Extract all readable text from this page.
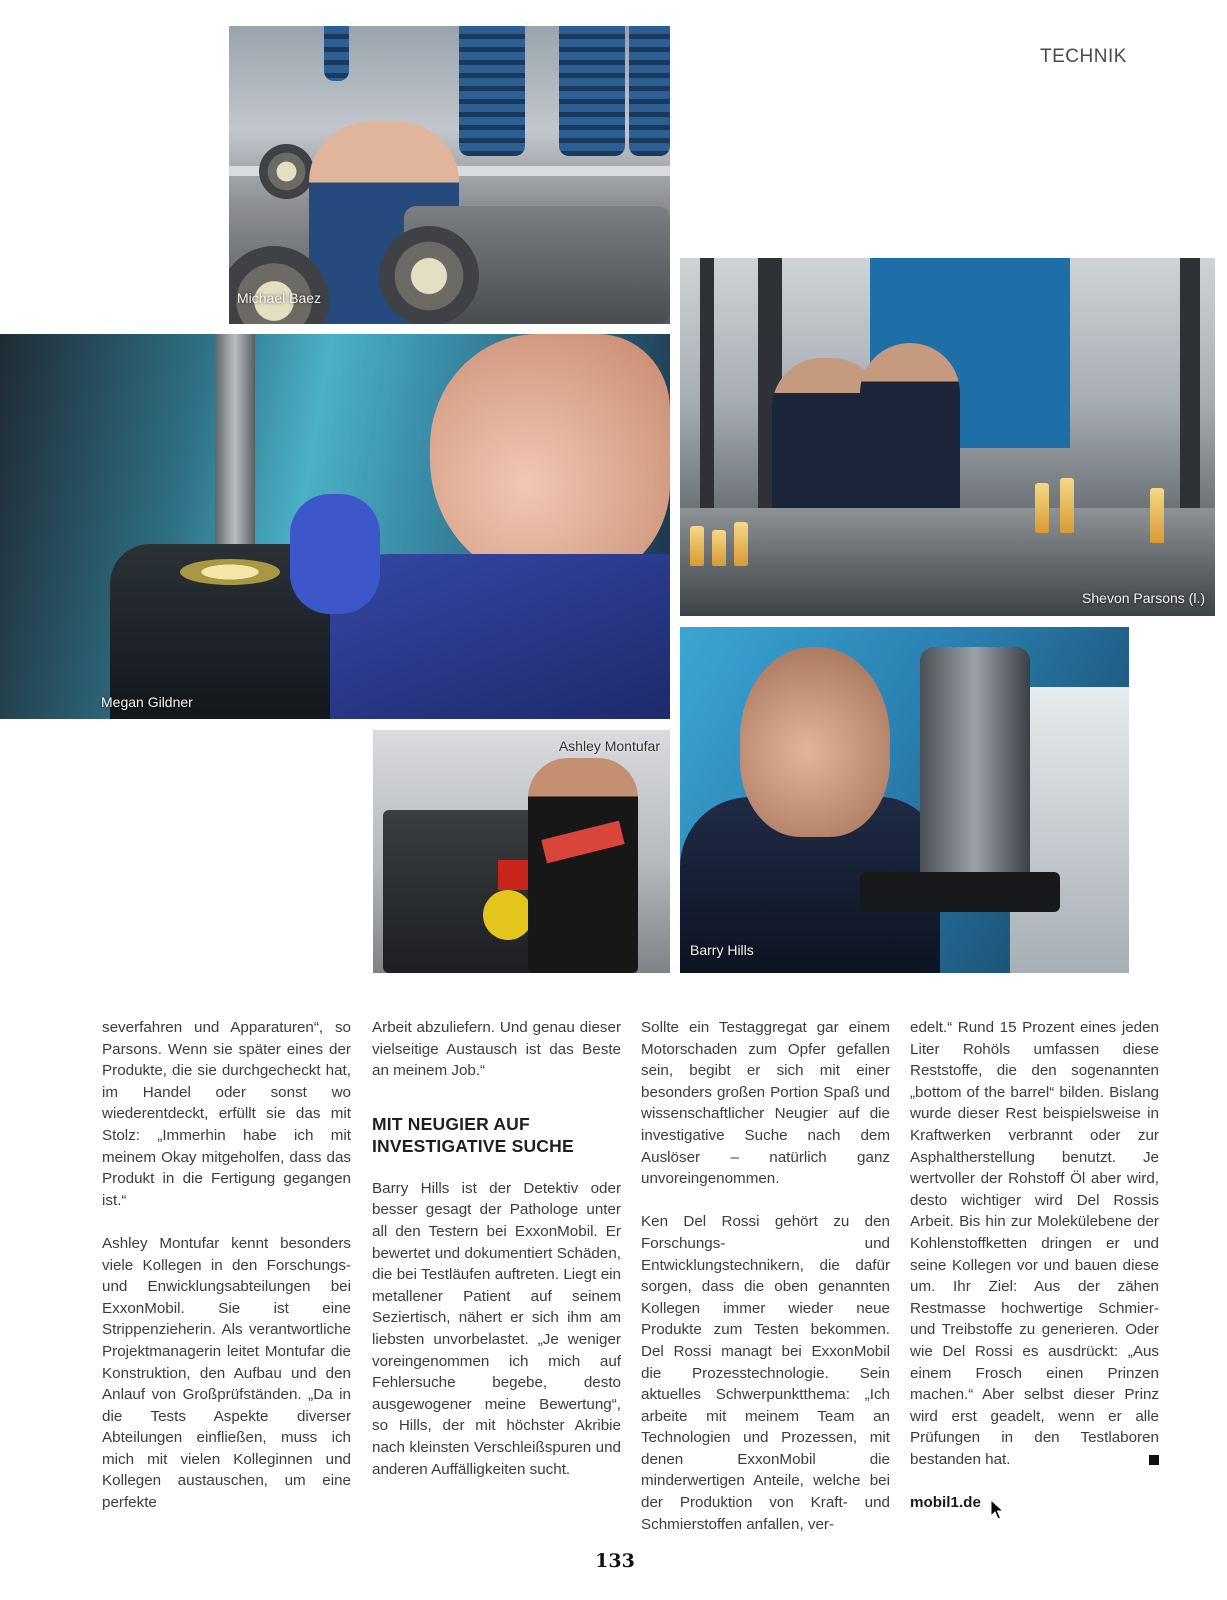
TECHNIK
Michael Baez
Megan Gildner
Shevon Parsons (l.)
Ashley Montufar
Barry Hills

severfahren und Apparaturen“, so Parsons. Wenn sie später eines der Produkte, die sie durchgecheckt hat, im Handel oder sonst wo wiederentdeckt, erfüllt sie das mit Stolz: „Immerhin habe ich mit meinem Okay mitgeholfen, dass das Produkt in die Fertigung gegangen ist.“

Ashley Montufar kennt besonders viele Kollegen in den Forschungs- und Enwicklungsabteilungen bei ExxonMobil. Sie ist eine Strippenzieherin. Als verantwortliche Projektmanagerin leitet Montufar die Konstruktion, den Aufbau und den Anlauf von Großprüfständen. „Da in die Tests Aspekte diverser Abteilungen einfließen, muss ich mich mit vielen Kolleginnen und Kollegen austauschen, um eine perfekte

Arbeit abzuliefern. Und genau dieser vielseitige Austausch ist das Beste an meinem Job.“

MIT NEUGIER AUF INVESTIGATIVE SUCHE

Barry Hills ist der Detektiv oder besser gesagt der Pathologe unter all den Testern bei ExxonMobil. Er bewertet und dokumentiert Schäden, die bei Testläufen auftreten. Liegt ein metallener Patient auf seinem Seziertisch, nähert er sich ihm am liebsten unvorbelastet. „Je weniger voreingenommen ich mich auf Fehlersuche begebe, desto ausgewogener meine Bewertung“, so Hills, der mit höchster Akribie nach kleinsten Verschleißspuren und anderen Auffälligkeiten sucht.

Sollte ein Testaggregat gar einem Motorschaden zum Opfer gefallen sein, begibt er sich mit einer besonders großen Portion Spaß und wissenschaftlicher Neugier auf die investigative Suche nach dem Auslöser – natürlich ganz unvoreingenommen.

Ken Del Rossi gehört zu den Forschungs- und Entwicklungstechnikern, die dafür sorgen, dass die oben genannten Kollegen immer wieder neue Produkte zum Testen bekommen. Del Rossi managt bei ExxonMobil die Prozesstechnologie. Sein aktuelles Schwerpunktthema: „Ich arbeite mit meinem Team an Technologien und Prozessen, mit denen ExxonMobil die minderwertigen Anteile, welche bei der Produktion von Kraft- und Schmierstoffen anfallen, ver-

edelt.“ Rund 15 Prozent eines jeden Liter Rohöls umfassen diese Reststoffe, die den sogenannten „bottom of the barrel“ bilden. Bislang wurde dieser Rest beispielsweise in Kraftwerken verbrannt oder zur Asphaltherstellung benutzt. Je wertvoller der Rohstoff Öl aber wird, desto wichtiger wird Del Rossis Arbeit. Bis hin zur Molekülebene der Kohlenstoffketten dringen er und seine Kollegen vor und bauen diese um. Ihr Ziel: Aus der zähen Restmasse hochwertige Schmier- und Treibstoffe zu generieren. Oder wie Del Rossi es ausdrückt: „Aus einem Frosch einen Prinzen machen.“ Aber selbst dieser Prinz wird erst geadelt, wenn er alle Prüfungen in den Testlaboren bestanden hat.

mobil1.de

133
